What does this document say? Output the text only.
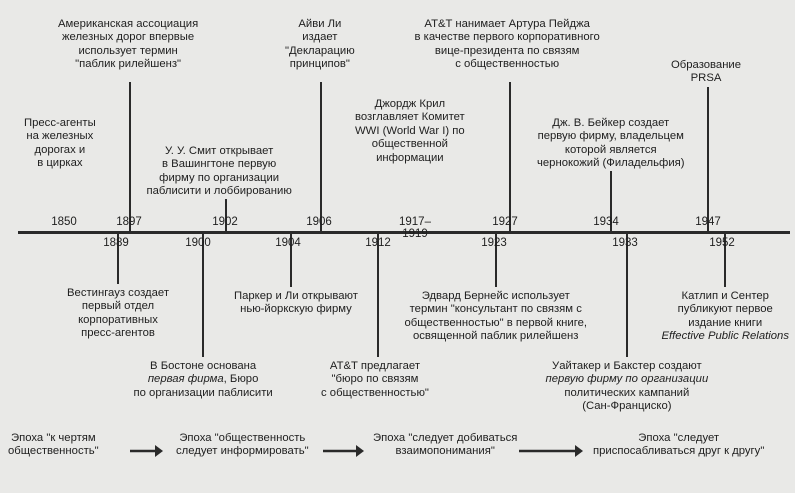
1850	1897	1902	1906	1917–1919
1927	1934	1947
1889	1900	1904	1912	1923	1933	1952
Пресс-агенты
на железных
дорогах и
в цирках
Американская ассоциация
железных дорог впервые
использует термин
"паблик рилейшенз"
У. У. Смит открывает
в Вашингтоне первую
фирму по организации
паблисити и лоббированию
Айви Ли
издает
"Декларацию
принципов"
Джордж Крил
возглавляет Комитет
WWI (World War I) по
общественной
информации
AT&T нанимает Артура Пейджа
в качестве первого корпоративного
вице-президента по связям
с общественностью
Дж. В. Бейкер создает
первую фирму, владельцем
которой является
чернокожий (Филадельфия)
Образование
PRSA
Вестингауз создает
первый отдел
корпоративных
пресс-агентов
В Бостоне основана
первая фирма, Бюро
по организации паблисити
Паркер и Ли открывают
нью-йоркскую фирму
AT&T предлагает
"бюро по связям
с общественностью"
Эдвард Бернейс использует
термин "консультант по связям с
общественностью" в первой книге,
освященной паблик рилейшенз
Уайтакер и Бакстер создают
первую фирму по организации
политических кампаний
(Сан-Франциско)
Катлип и Сентер
публикуют первое
издание книги
Effective Public Relations
Эпоха "к чертям
общественность"
Эпоха "общественность
следует информировать"
Эпоха "следует добиваться
взаимопонимания"
Эпоха "следует
приспосабливаться друг к другу"
